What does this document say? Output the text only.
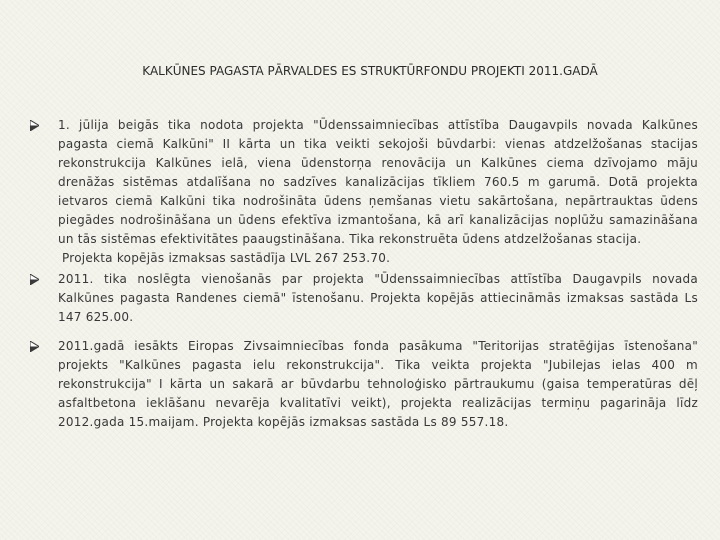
KALKŪNES PAGASTA PĀRVALDES ES STRUKTŪRFONDU PROJEKTI 2011.GADĀ
1. jūlija beigās tika nodota projekta "Ūdenssaimniecības attīstība Daugavpils novada Kalkūnes pagasta ciemā Kalkūni" II kārta un tika veikti sekojoši būvdarbi: vienas atdzelžošanas stacijas rekonstrukcija Kalkūnes ielā, viena ūdenstorņa renovācija un Kalkūnes ciema dzīvojamo māju drenāžas sistēmas atdalīšana no sadzīves kanalizācijas tīkliem 760.5 m garumā. Dotā projekta ietvaros ciemā Kalkūni tika nodrošināta ūdens ņemšanas vietu sakārtošana, nepārtrauktas ūdens piegādes nodrošināšana un ūdens efektīva izmantošana, kā arī kanalizācijas noplūžu samazināšana un tās sistēmas efektivitātes paaugstināšana. Tika rekonstruēta ūdens atdzelžošanas stacija.
Projekta kopējās izmaksas sastādīja LVL 267 253.70.
2011. tika noslēgta vienošanās par projekta "Ūdenssaimniecības attīstība Daugavpils novada Kalkūnes pagasta Randenes ciemā" īstenošanu. Projekta kopējās attiecināmās izmaksas sastāda Ls 147 625.00.
2011.gadā iesākts Eiropas Zivsaimniecības fonda pasākuma "Teritorijas stratēģijas īstenošana" projekts "Kalkūnes pagasta ielu rekonstrukcija". Tika veikta projekta "Jubilejas ielas 400 m rekonstrukcija" I kārta un sakarā ar būvdarbu tehnoloģisko pārtraukumu (gaisa temperatūras dēļ asfaltbetona ieklāšanu nevarēja kvalitatīvi veikt), projekta realizācijas termiņu pagarināja līdz 2012.gada 15.maijam. Projekta kopējās izmaksas sastāda Ls 89 557.18.
